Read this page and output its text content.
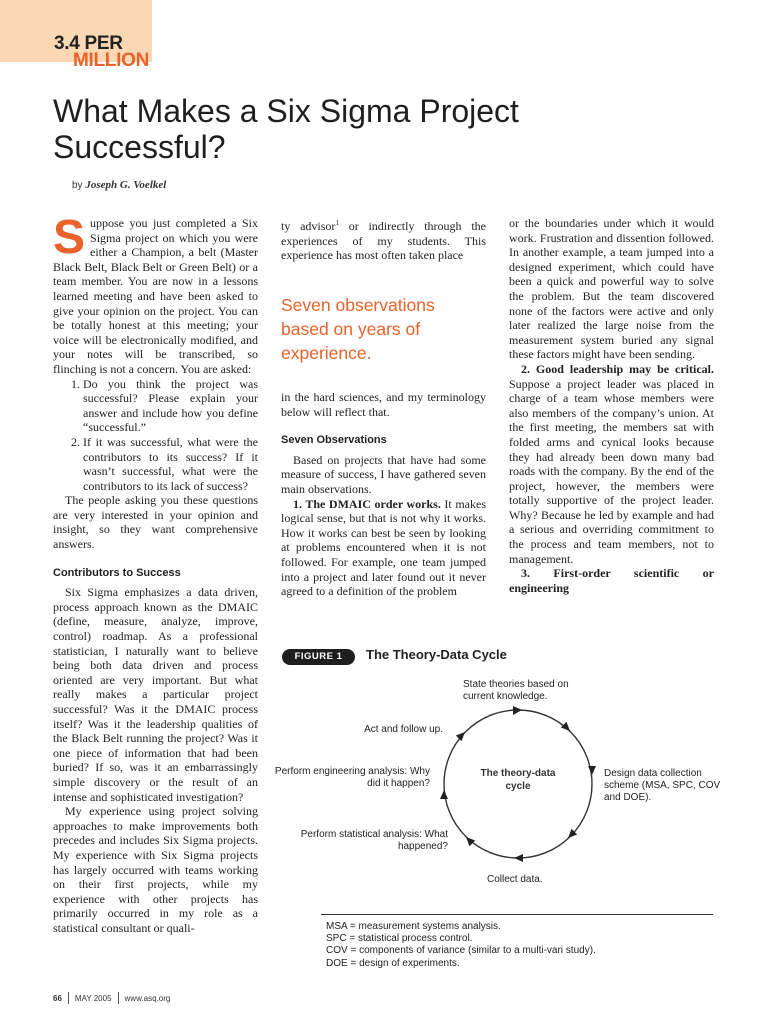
3.4 PER
MILLION
What Makes a Six Sigma Project Successful?
by Joseph G. Voelkel

Suppose you just completed a Six Sigma project on which you were either a Champion, a belt (Master Black Belt, Black Belt or Green Belt) or a team member. You are now in a lessons learned meeting and have been asked to give your opinion on the project. You can be totally honest at this meeting; your voice will be electronically modified, and your notes will be transcribed, so flinching is not a concern. You are asked:

1. Do you think the project was successful? Please explain your answer and include how you define “successful.”
2. If it was successful, what were the contributors to its success? If it wasn’t successful, what were the contributors to its lack of success?

The people asking you these questions are very interested in your opinion and insight, so they want comprehensive answers.

Contributors to Success

Six Sigma emphasizes a data driven, process approach known as the DMAIC (define, measure, analyze, improve, control) roadmap. As a professional statistician, I naturally want to believe being both data driven and process oriented are very important. But what really makes a particular project successful? Was it the DMAIC process itself? Was it the leadership qualities of the Black Belt running the project? Was it one piece of information that had been buried? If so, was it an embarrassingly simple discovery or the result of an intense and sophisticated investigation?

My experience using project solving approaches to make improvements both precedes and includes Six Sigma projects. My experience with Six Sigma projects has largely occurred with teams working on their first projects, while my experience with other projects has primarily occurred in my role as a statistical consultant or quali-

ty advisor$^1$ or indirectly through the experiences of my students. This experience has most often taken place

Seven observations based on years of experience.

in the hard sciences, and my terminology below will reflect that.

Seven Observations

Based on projects that have had some measure of success, I have gathered seven main observations.

1. The DMAIC order works. It makes logical sense, but that is not why it works. How it works can best be seen by looking at problems encountered when it is not followed. For example, one team jumped into a project and later found out it never agreed to a definition of the problem

or the boundaries under which it would work. Frustration and dissention followed. In another example, a team jumped into a designed experiment, which could have been a quick and powerful way to solve the problem. But the team discovered none of the factors were active and only later realized the large noise from the measurement system buried any signal these factors might have been sending.

2. Good leadership may be critical. Suppose a project leader was placed in charge of a team whose members were also members of the company’s union. At the first meeting, the members sat with folded arms and cynical looks because they had already been down many bad roads with the company. By the end of the project, however, the members were totally supportive of the project leader. Why? Because he led by example and had a serious and overriding commitment to the process and team members, not to management.

3. First-order scientific or engineering

FIGURE 1	The Theory-Data Cycle
The theory-data cycle
State theories based on current knowledge.
Design data collection scheme (MSA, SPC, COV and DOE).
Collect data.
Perform statistical analysis: What happened?
Perform engineering analysis: Why did it happen?
Act and follow up.
MSA = measurement systems analysis.
SPC = statistical process control.
COV = components of variance (similar to a multi-vari study).
DOE = design of experiments.
66 MAY 2005 www.asq.org
